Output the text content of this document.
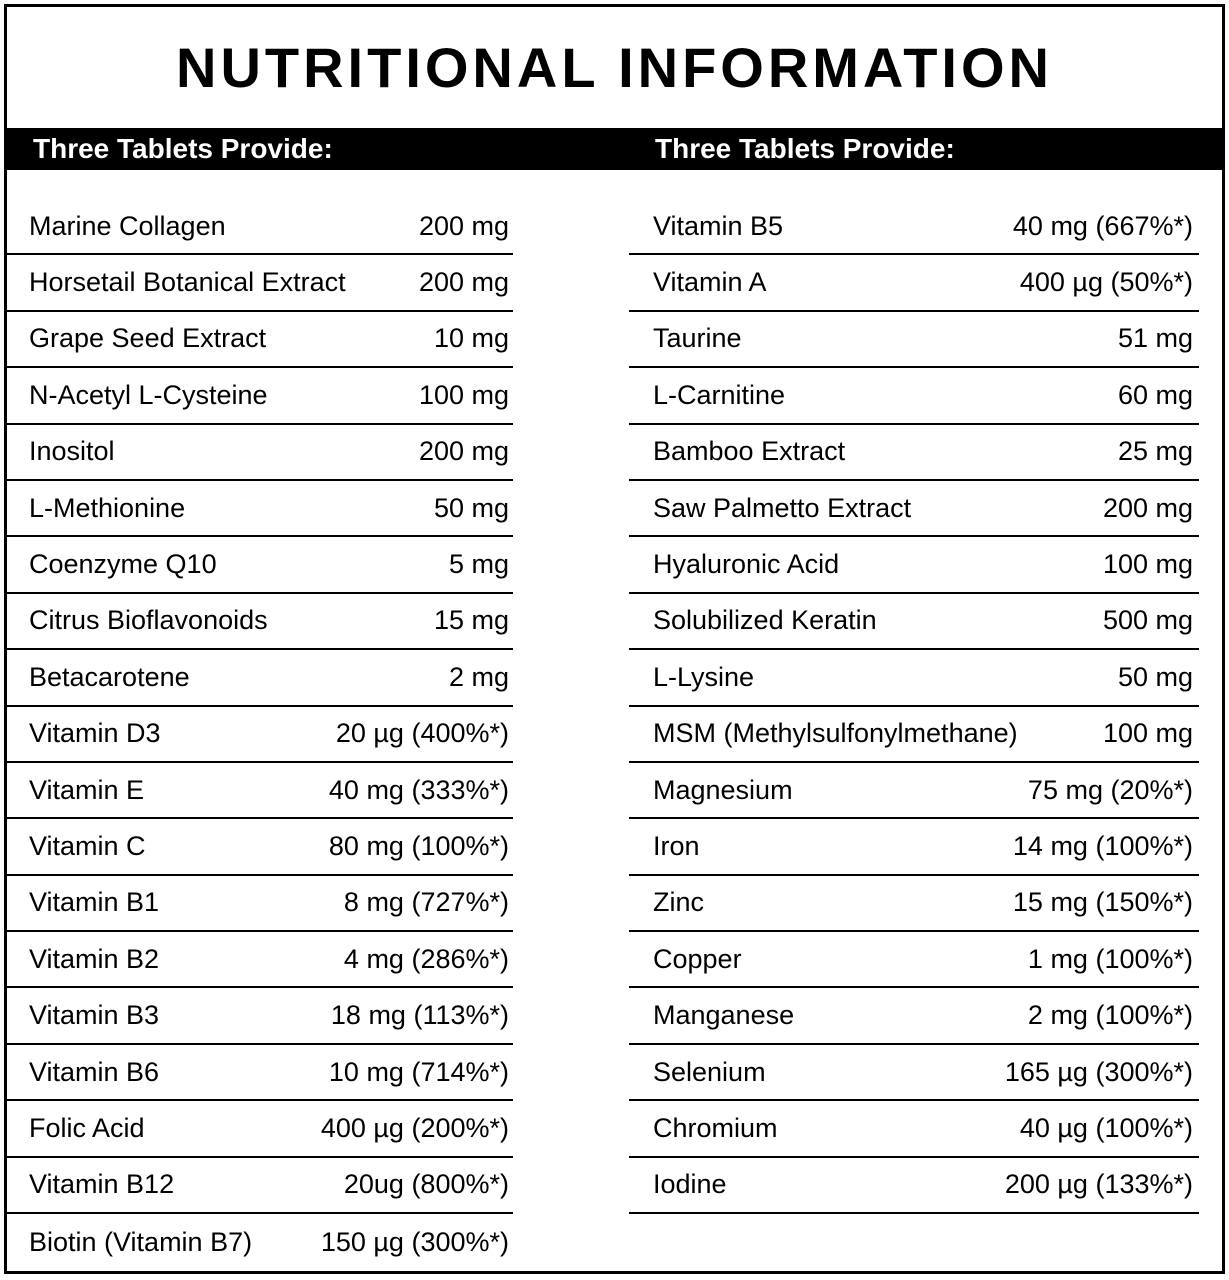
NUTRITIONAL INFORMATION
Three Tablets Provide:	Three Tablets Provide:
Marine Collagen	200 mg
Horsetail Botanical Extract	200 mg
Grape Seed Extract	10 mg
N-Acetyl L-Cysteine	100 mg
Inositol	200 mg
L-Methionine	50 mg
Coenzyme Q10	5 mg
Citrus Bioflavonoids	15 mg
Betacarotene	2 mg
Vitamin D3	20 µg (400%*)
Vitamin E	40 mg (333%*)
Vitamin C	80 mg (100%*)
Vitamin B1	8 mg (727%*)
Vitamin B2	4 mg (286%*)
Vitamin B3	18 mg (113%*)
Vitamin B6	10 mg (714%*)
Folic Acid	400 µg (200%*)
Vitamin B12	20ug (800%*)
Biotin (Vitamin B7)	150 µg (300%*)
Vitamin B5	40 mg (667%*)
Vitamin A	400 µg (50%*)
Taurine	51 mg
L-Carnitine	60 mg
Bamboo Extract	25 mg
Saw Palmetto Extract	200 mg
Hyaluronic Acid	100 mg
Solubilized Keratin	500 mg
L-Lysine	50 mg
MSM (Methylsulfonylmethane)	100 mg
Magnesium	75 mg (20%*)
Iron	14 mg (100%*)
Zinc	15 mg (150%*)
Copper	1 mg (100%*)
Manganese	2 mg (100%*)
Selenium	165 µg (300%*)
Chromium	40 µg (100%*)
Iodine	200 µg (133%*)
